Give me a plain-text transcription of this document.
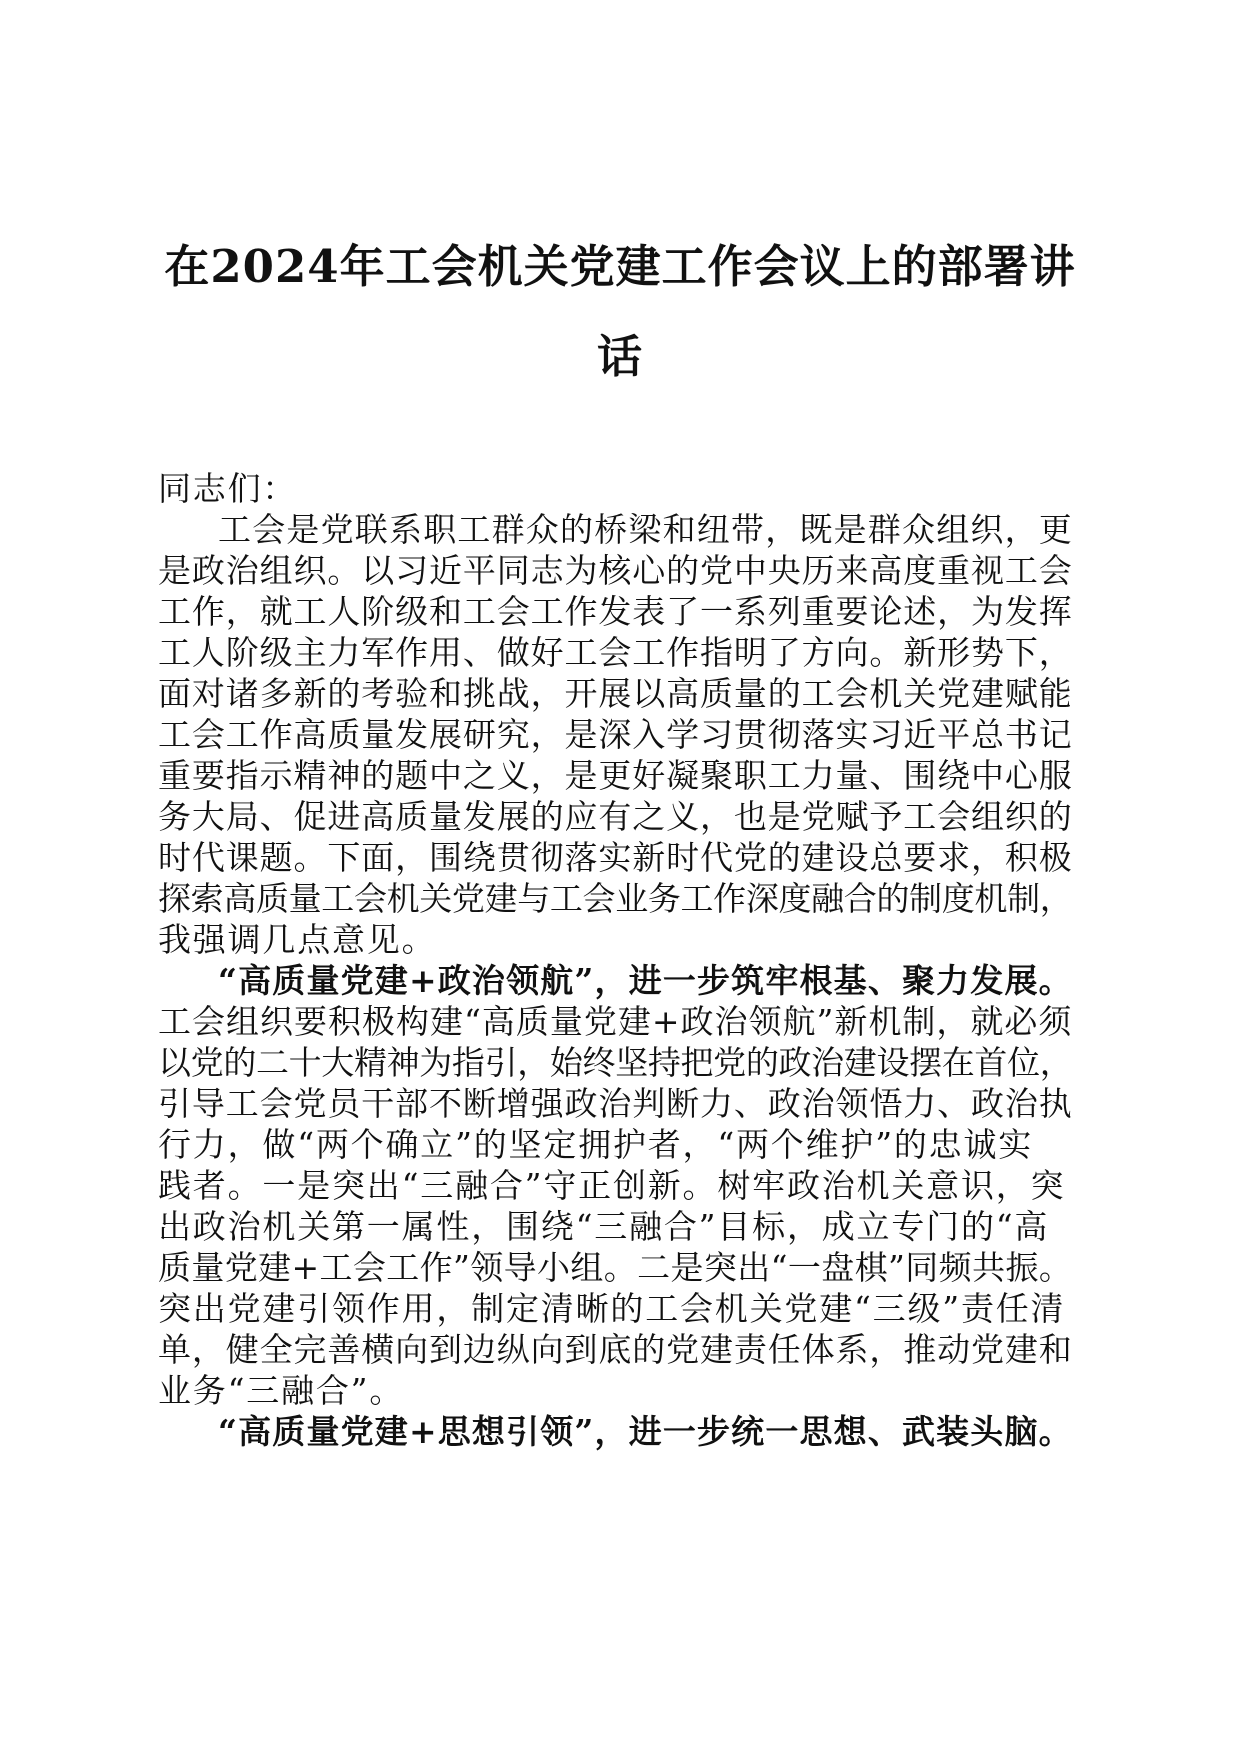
在2024年工会机关党建工作会议上的部署讲
话
同志们：
工会是党联系职工群众的桥梁和纽带，既是群众组织，更
是政治组织。以习近平同志为核心的党中央历来高度重视工会
工作，就工人阶级和工会工作发表了一系列重要论述，为发挥
工人阶级主力军作用、做好工会工作指明了方向。新形势下，
面对诸多新的考验和挑战，开展以高质量的工会机关党建赋能
工会工作高质量发展研究，是深入学习贯彻落实习近平总书记
重要指示精神的题中之义，是更好凝聚职工力量、围绕中心服
务大局、促进高质量发展的应有之义，也是党赋予工会组织的
时代课题。下面，围绕贯彻落实新时代党的建设总要求，积极
探索高质量工会机关党建与工会业务工作深度融合的制度机制，
我强调几点意见。
“高质量党建+政治领航”，进一步筑牢根基、聚力发展。
工会组织要积极构建“高质量党建+政治领航”新机制，就必须
以党的二十大精神为指引，始终坚持把党的政治建设摆在首位，
引导工会党员干部不断增强政治判断力、政治领悟力、政治执
行力，做“两个确立”的坚定拥护者，“两个维护”的忠诚实
践者。一是突出“三融合”守正创新。树牢政治机关意识，突
出政治机关第一属性，围绕“三融合”目标，成立专门的“高
质量党建+工会工作”领导小组。二是突出“一盘棋”同频共振。
突出党建引领作用，制定清晰的工会机关党建“三级”责任清
单，健全完善横向到边纵向到底的党建责任体系，推动党建和
业务“三融合”。
“高质量党建+思想引领”，进一步统一思想、武装头脑。
